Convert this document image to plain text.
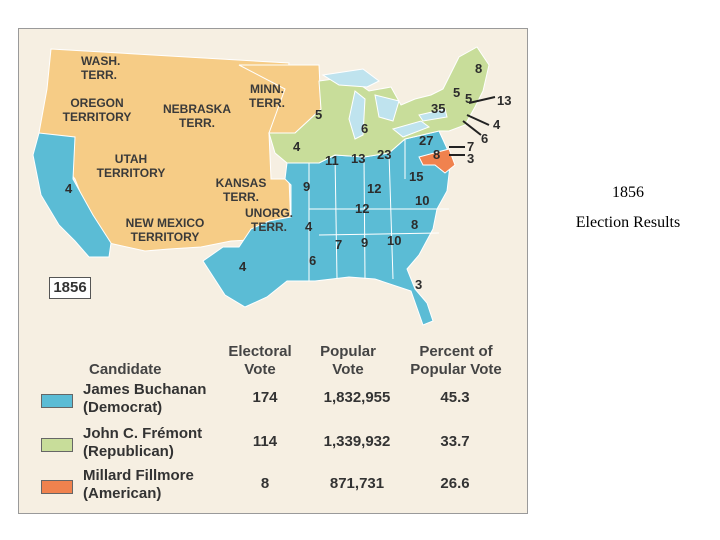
WASH.
TERR.
OREGON
TERRITORY
NEBRASKA
TERR.
MINN.
TERR.
UTAH
TERRITORY
KANSAS
TERR.
NEW MEXICO
TERRITORY
UNORG.
TERR.
4
4
4
9
4
6
7 9
11 13
12
12
10
15
10
8
3
23
27
6
5
8
35
5 5
8
13
4
6
7
3
1856
Candidate
Electoral
Vote
Popular
Vote
Percent of
Popular Vote
James Buchanan
(Democrat)
174	1,832,955	45.3
John C. Frémont
(Republican)
114	1,339,932	33.7
Millard Fillmore
(American)
8	871,731	26.6
1856
Election Results
